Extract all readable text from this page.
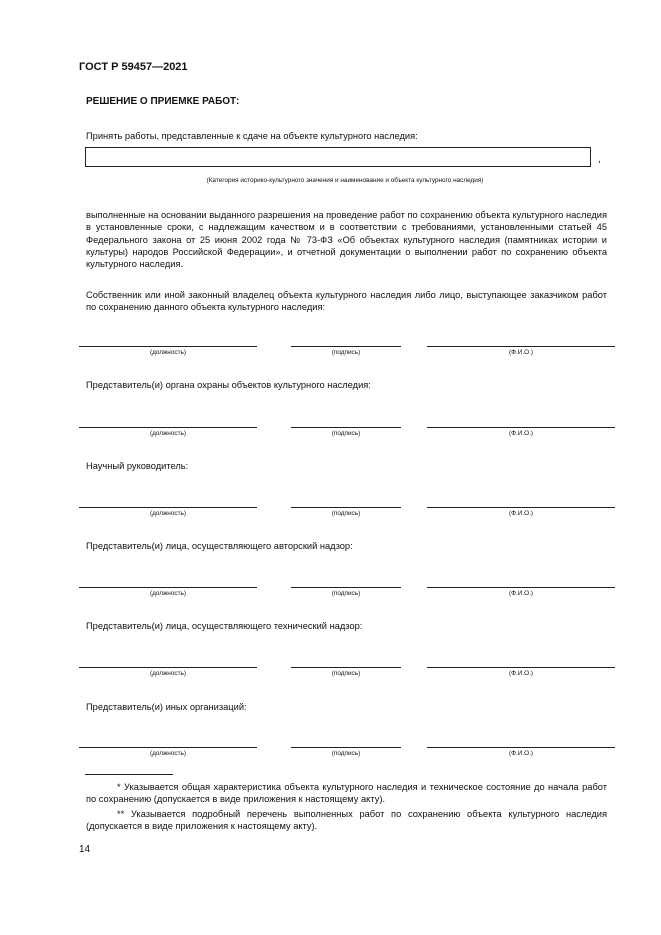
ГОСТ Р 59457—2021
РЕШЕНИЕ О ПРИЕМКЕ РАБОТ:
Принять работы, представленные к сдаче на объекте культурного наследия:
,
(Категория историко-культурного значения и наименование и объекта культурного наследия)
выполненные на основании выданного разрешения на проведение работ по сохранению объекта культурного наследия в установленные сроки, с надлежащим качеством и в соответствии с требованиями, установленными статьей 45 Федерального закона от 25 июня 2002 года № 73-ФЗ «Об объектах культурного наследия (памятниках истории и культуры) народов Российской Федерации», и отчетной документации о выполнении работ по сохранению объекта культурного наследия.
Собственник или иной законный владелец объекта культурного наследия либо лицо, выступающее заказчиком работ по сохранению данного объекта культурного наследия:
(должность)	(подпись)	(Ф.И.О.)
Представитель(и) органа охраны объектов культурного наследия:
(должность)	(подпись)	(Ф.И.О.)
Научный руководитель:
(должность)	(подпись)	(Ф.И.О.)
Представитель(и) лица, осуществляющего авторский надзор:
(должность)	(подпись)	(Ф.И.О.)
Представитель(и) лица, осуществляющего технический надзор:
(должность)	(подпись)	(Ф.И.О.)
Представитель(и) иных организаций:
(должность)	(подпись)	(Ф.И.О.)
* Указывается общая характеристика объекта культурного наследия и техническое состояние до начала работ по сохранению (допускается в виде приложения к настоящему акту).
** Указывается подробный перечень выполненных работ по сохранению объекта культурного наследия (допускается в виде приложения к настоящему акту).
14
